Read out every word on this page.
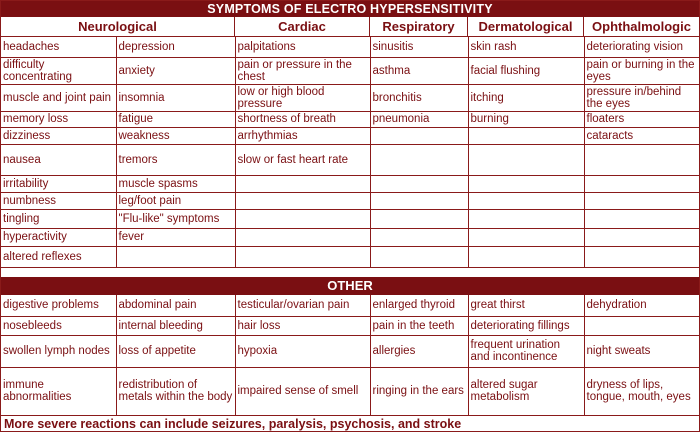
SYMPTOMS OF ELECTRO HYPERSENSITIVITY
Neurological	Cardiac	Respiratory	Dermatological	Ophthalmologic
headaches	depression	palpitations	sinusitis	skin rash	deteriorating vision
difficulty concentrating	anxiety	pain or pressure in the chest	asthma	facial flushing	pain or burning in the eyes
muscle and joint pain	insomnia	low or high blood pressure	bronchitis	itching	pressure in/behind the eyes
memory loss	fatigue	shortness of breath	pneumonia	burning	floaters
dizziness	weakness	arrhythmias			cataracts
nausea	tremors	slow or fast heart rate			
irritability	muscle spasms				
numbness	leg/foot pain				
tingling	"Flu-like" symptoms				
hyperactivity	fever				
altered reflexes					
OTHER
digestive problems	abdominal pain	testicular/ovarian pain	enlarged thyroid	great thirst	dehydration
nosebleeds	internal bleeding	hair loss	pain in the teeth	deteriorating fillings	
swollen lymph nodes	loss of appetite	hypoxia	allergies	frequent urination and incontinence	night sweats
immune abnormalities	redistribution of metals within the body	impaired sense of smell	ringing in the ears	altered sugar metabolism	dryness of lips, tongue, mouth, eyes
More severe reactions can include seizures, paralysis, psychosis, and stroke
